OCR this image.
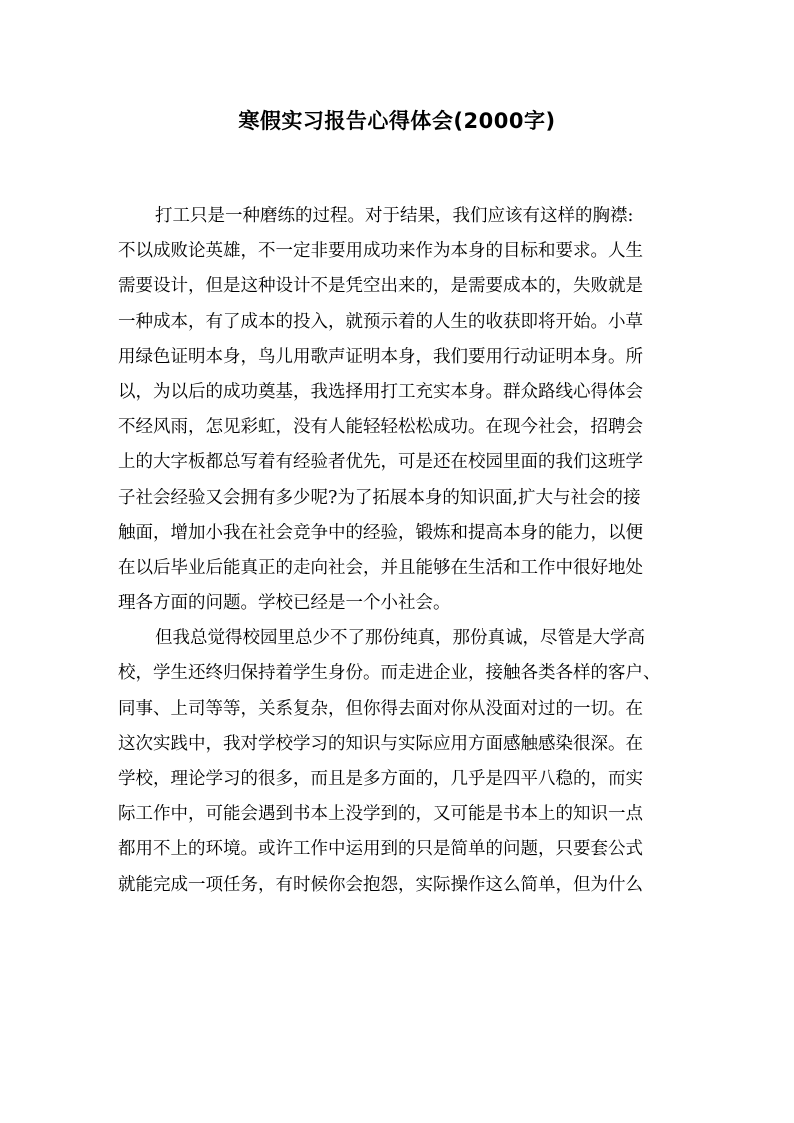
寒假实习报告心得体会(2000字)
打工只是一种磨练的过程。对于结果，我们应该有这样的胸襟:
不以成败论英雄，不一定非要用成功来作为本身的目标和要求。人生
需要设计，但是这种设计不是凭空出来的，是需要成本的，失败就是
一种成本，有了成本的投入，就预示着的人生的收获即将开始。小草
用绿色证明本身，鸟儿用歌声证明本身，我们要用行动证明本身。所
以，为以后的成功奠基，我选择用打工充实本身。群众路线心得体会
不经风雨，怎见彩虹，没有人能轻轻松松成功。在现今社会，招聘会
上的大字板都总写着有经验者优先，可是还在校园里面的我们这班学
子社会经验又会拥有多少呢?为了拓展本身的知识面,扩大与社会的接
触面，增加小我在社会竞争中的经验，锻炼和提高本身的能力，以便
在以后毕业后能真正的走向社会，并且能够在生活和工作中很好地处
理各方面的问题。学校已经是一个小社会。
但我总觉得校园里总少不了那份纯真，那份真诚，尽管是大学高
校，学生还终归保持着学生身份。而走进企业，接触各类各样的客户、
同事、上司等等，关系复杂，但你得去面对你从没面对过的一切。在
这次实践中，我对学校学习的知识与实际应用方面感触感染很深。在
学校，理论学习的很多，而且是多方面的，几乎是四平八稳的，而实
际工作中，可能会遇到书本上没学到的，又可能是书本上的知识一点
都用不上的环境。或许工作中运用到的只是简单的问题，只要套公式
就能完成一项任务，有时候你会抱怨，实际操作这么简单，但为什么
